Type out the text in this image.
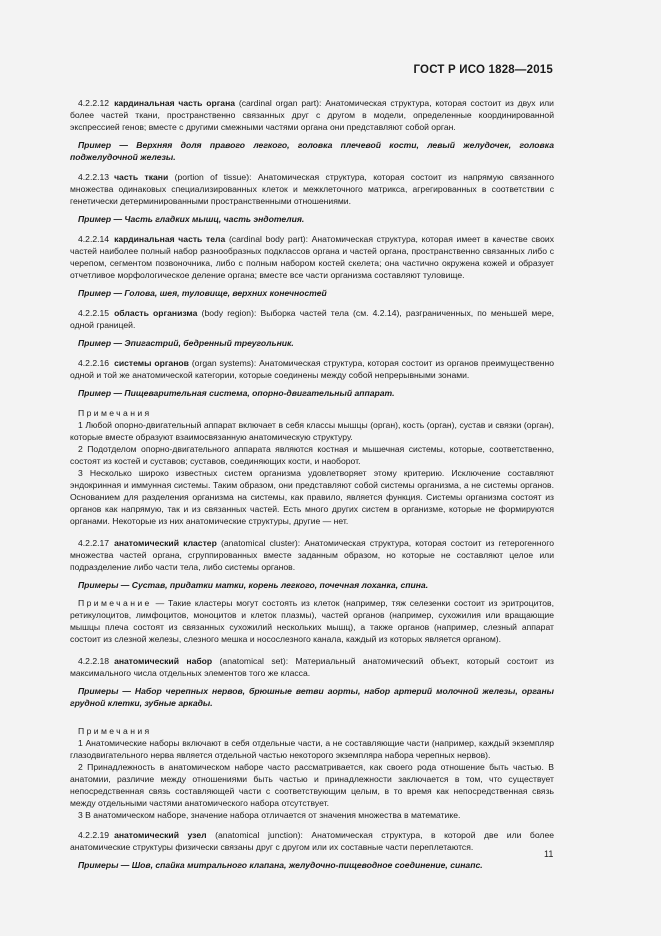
ГОСТ Р ИСО 1828—2015

4.2.2.12 кардинальная часть органа (cardinal organ part): Анатомическая структура, которая состоит из двух или более частей ткани, пространственно связанных друг с другом в модели, определенные координированной экспрессией генов; вместе с другими смежными частями органа они представляют собой орган.

Пример — Верхняя доля правого легкого, головка плечевой кости, левый желудочек, головка поджелудочной железы.

4.2.2.13 часть ткани (portion of tissue): Анатомическая структура, которая состоит из напрямую связанного множества одинаковых специализированных клеток и межклеточного матрикса, агрегированных в соответствии с генетически детерминированными пространственными отношениями.

Пример — Часть гладких мышц, часть эндотелия.

4.2.2.14 кардинальная часть тела (cardinal body part): Анатомическая структура, которая имеет в качестве своих частей наиболее полный набор разнообразных подклассов органа и частей органа, пространственно связанных либо с черепом, сегментом позвоночника, либо с полным набором костей скелета; она частично окружена кожей и образует отчетливое морфологическое деление органа; вместе все части организма составляют туловище.

Пример — Голова, шея, туловище, верхних конечностей

4.2.2.15 область организма (body region): Выборка частей тела (см. 4.2.14), разграниченных, по меньшей мере, одной границей.

Пример — Эпигастрий, бедренный треугольник.

4.2.2.16 системы органов (organ systems): Анатомическая структура, которая состоит из органов преимущественно одной и той же анатомической категории, которые соединены между собой непрерывными зонами.

Пример — Пищеварительная система, опорно-двигательный аппарат.

Примечания

1 Любой опорно-двигательный аппарат включает в себя классы мышцы (орган), кость (орган), сустав и связки (орган), которые вместе образуют взаимосвязанную анатомическую структуру.

2 Подотделом опорно-двигательного аппарата являются костная и мышечная системы, которые, соответственно, состоят из костей и суставов; суставов, соединяющих кости, и наоборот.

3 Несколько широко известных систем организма удовлетворяет этому критерию. Исключение составляют эндокринная и иммунная системы. Таким образом, они представляют собой системы организма, а не системы органов. Основанием для разделения организма на системы, как правило, является функция. Системы организма состоят из органов как напрямую, так и из связанных частей. Есть много других систем в организме, которые не формируются органами. Некоторые из них анатомические структуры, другие — нет.

4.2.2.17 анатомический кластер (anatomical cluster): Анатомическая структура, которая состоит из гетерогенного множества частей органа, сгруппированных вместе заданным образом, но которые не составляют целое или подразделение либо части тела, либо системы органов.

Примеры — Сустав, придатки матки, корень легкого, почечная лоханка, спина.

Примечание — Такие кластеры могут состоять из клеток (например, тяж селезенки состоит из эритроцитов, ретикулоцитов, лимфоцитов, моноцитов и клеток плазмы), частей органов (например, сухожилия или вращающие мышцы плеча состоят из связанных сухожилий нескольких мышц), а также органов (например, слезный аппарат состоит из слезной железы, слезного мешка и носослезного канала, каждый из которых является органом).

4.2.2.18 анатомический набор (anatomical set): Материальный анатомический объект, который состоит из максимального числа отдельных элементов того же класса.

Примеры — Набор черепных нервов, брюшные ветви аорты, набор артерий молочной железы, органы грудной клетки, зубные аркады.

Примечания

1 Анатомические наборы включают в себя отдельные части, а не составляющие части (например, каждый экземпляр глазодвигательного нерва является отдельной частью некоторого экземпляра набора черепных нервов).

2 Принадлежность в анатомическом наборе часто рассматривается, как своего рода отношение быть частью. В анатомии, различие между отношениями быть частью и принадлежности заключается в том, что существует непосредственная связь составляющей части с соответствующим целым, в то время как непосредственная связь между отдельными частями анатомического набора отсутствует.

3 В анатомическом наборе, значение набора отличается от значения множества в математике.

4.2.2.19 анатомический узел (anatomical junction): Анатомическая структура, в которой две или более анатомические структуры физически связаны друг с другом или их составные части переплетаются.

Примеры — Шов, спайка митрального клапана, желудочно-пищеводное соединение, синапс.

11
